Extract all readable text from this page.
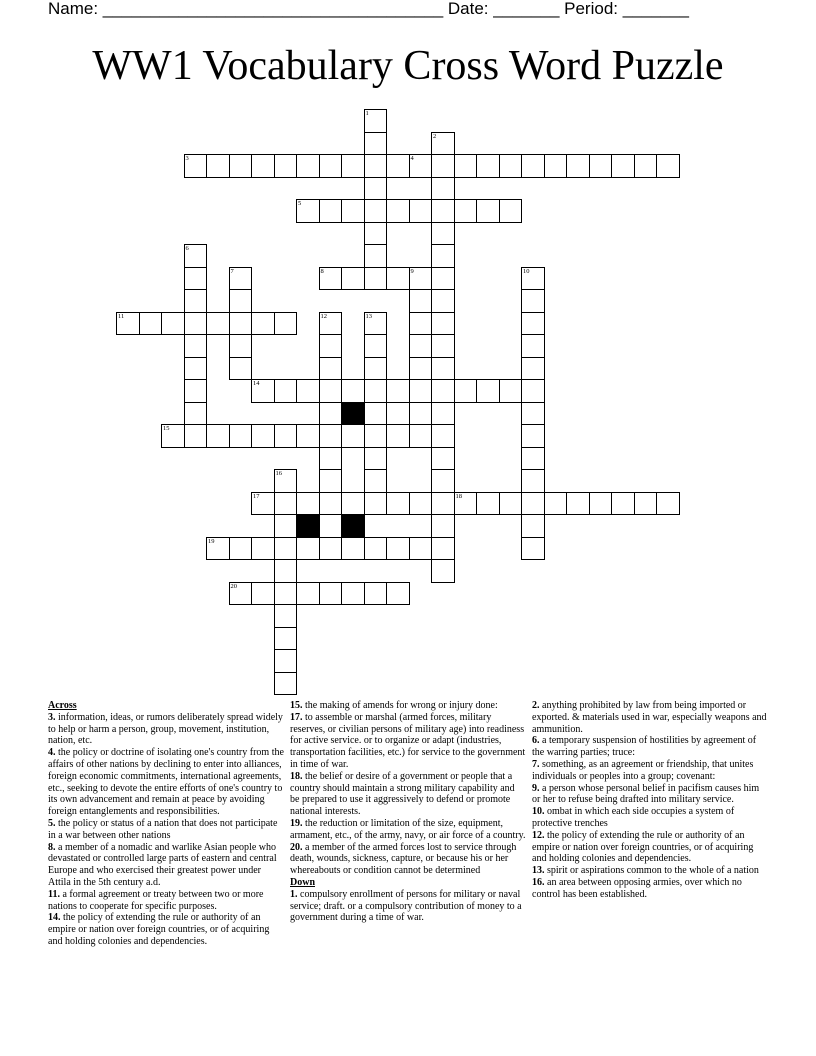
Name: ____________________________________ Date: _______ Period: _______
WW1 Vocabulary Cross Word Puzzle
1
2
3	4
5
6
7	8	9	10
11	12	13
14
15
16
17	18
19
20
Across
3. information, ideas, or rumors deliberately spread widely to help or harm a person, group, movement, institution, nation, etc.
4. the policy or doctrine of isolating one's country from the affairs of other nations by declining to enter into alliances, foreign economic commitments, international agreements, etc., seeking to devote the entire efforts of one's country to its own advancement and remain at peace by avoiding foreign entanglements and responsibilities.
5. the policy or status of a nation that does not participate in a war between other nations
8. a member of a nomadic and warlike Asian people who devastated or controlled large parts of eastern and central Europe and who exercised their greatest power under Attila in the 5th century a.d.
11. a formal agreement or treaty between two or more nations to cooperate for specific purposes.
14. the policy of extending the rule or authority of an empire or nation over foreign countries, or of acquiring and holding colonies and dependencies.
15. the making of amends for wrong or injury done:
17. to assemble or marshal (armed forces, military reserves, or civilian persons of military age) into readiness for active service. or to organize or adapt (industries, transportation facilities, etc.) for service to the government in time of war.
18. the belief or desire of a government or people that a country should maintain a strong military capability and be prepared to use it aggressively to defend or promote national interests.
19. the reduction or limitation of the size, equipment, armament, etc., of the army, navy, or air force of a country.
20. a member of the armed forces lost to service through death, wounds, sickness, capture, or because his or her whereabouts or condition cannot be determined
Down
1. compulsory enrollment of persons for military or naval service; draft. or a compulsory contribution of money to a government during a time of war.
2. anything prohibited by law from being imported or exported. & materials used in war, especially weapons and ammunition.
6. a temporary suspension of hostilities by agreement of the warring parties; truce:
7. something, as an agreement or friendship, that unites individuals or peoples into a group; covenant:
9. a person whose personal belief in pacifism causes him or her to refuse being drafted into military service.
10. ombat in which each side occupies a system of protective trenches
12. the policy of extending the rule or authority of an empire or nation over foreign countries, or of acquiring and holding colonies and dependencies.
13. spirit or aspirations common to the whole of a nation
16. an area between opposing armies, over which no control has been established.
